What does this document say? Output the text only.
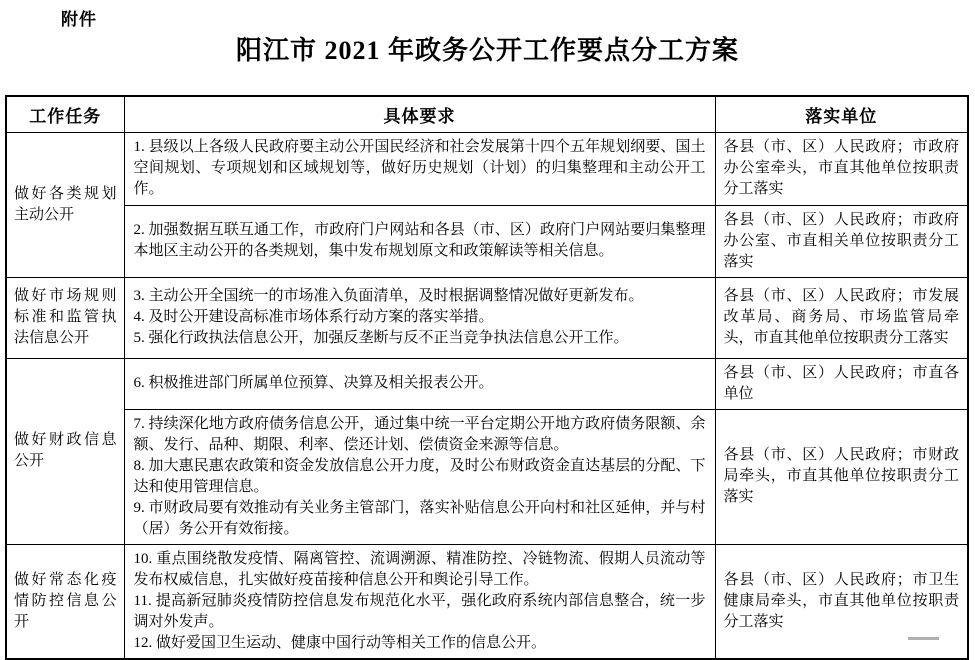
附件
阳江市 2021 年政务公开工作要点分工方案
工作任务	具体要求	落实单位
做好各类规划主动公开	1. 县级以上各级人民政府要主动公开国民经济和社会发展第十四个五年规划纲要、国土空间规划、专项规划和区域规划等，做好历史规划（计划）的归集整理和主动公开工作。	各县（市、区）人民政府；市政府办公室牵头，市直其他单位按职责分工落实

	2. 加强数据互联互通工作，市政府门户网站和各县（市、区）政府门户网站要归集整理本地区主动公开的各类规划，集中发布规划原文和政策解读等相关信息。	各县（市、区）人民政府；市政府办公室、市直相关单位按职责分工落实
做好市场规则标准和监管执法信息公开	3. 主动公开全国统一的市场准入负面清单，及时根据调整情况做好更新发布。

4. 及时公开建设高标准市场体系行动方案的落实举措。

5. 强化行政执法信息公开，加强反垄断与反不正当竞争执法信息公开工作。	各县（市、区）人民政府；市发展改革局、商务局、市场监管局牵头，市直其他单位按职责分工落实
做好财政信息公开	6. 积极推进部门所属单位预算、决算及相关报表公开。	各县（市、区）人民政府；市直各单位

	7. 持续深化地方政府债务信息公开，通过集中统一平台定期公开地方政府债务限额、余额、发行、品种、期限、利率、偿还计划、偿债资金来源等信息。

8. 加大惠民惠农政策和资金发放信息公开力度，及时公布财政资金直达基层的分配、下达和使用管理信息。

9. 市财政局要有效推动有关业务主管部门，落实补贴信息公开向村和社区延伸，并与村（居）务公开有效衔接。	各县（市、区）人民政府；市财政局牵头，市直其他单位按职责分工落实
做好常态化疫情防控信息公开	10. 重点围绕散发疫情、隔离管控、流调溯源、精准防控、冷链物流、假期人员流动等发布权威信息，扎实做好疫苗接种信息公开和舆论引导工作。

11. 提高新冠肺炎疫情防控信息发布规范化水平，强化政府系统内部信息整合，统一步调对外发声。

12. 做好爱国卫生运动、健康中国行动等相关工作的信息公开。	各县（市、区）人民政府；市卫生健康局牵头，市直其他单位按职责分工落实
